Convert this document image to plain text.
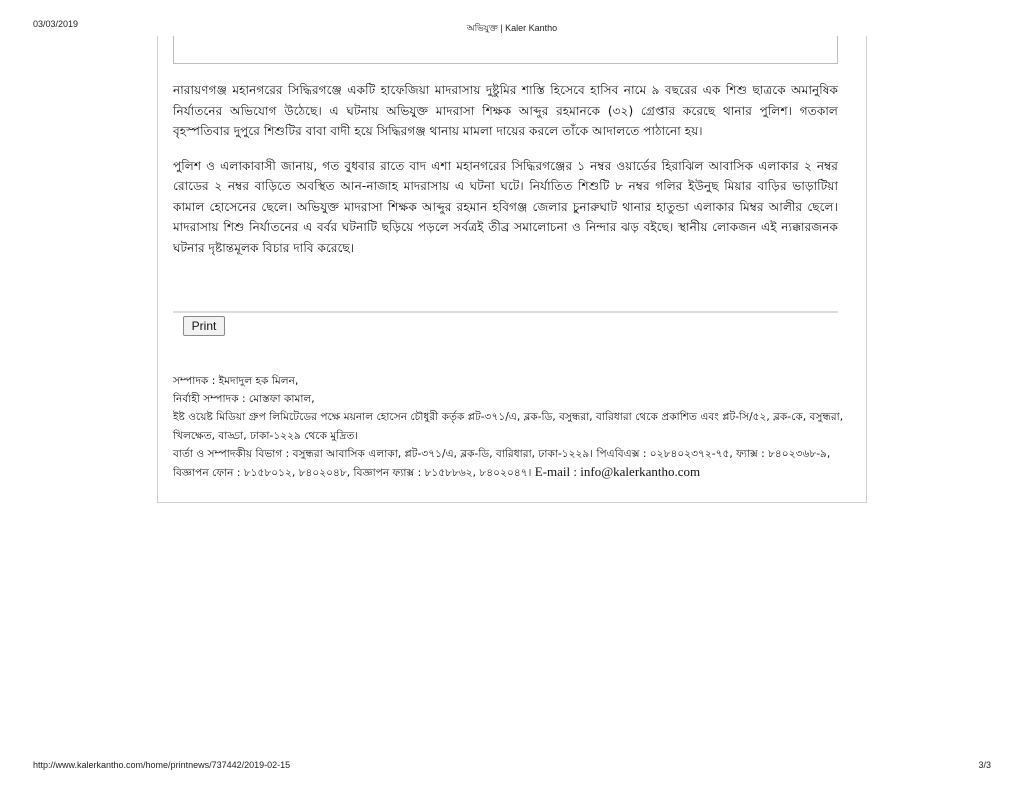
03/03/2019	অভিযুক্ত | Kaler Kantho

নারায়ণগঞ্জ মহানগরের সিদ্ধিরগঞ্জে একটি হাফেজিয়া মাদরাসায় দুষ্টুমির শাস্তি হিসেবে হাসিব নামে ৯ বছরের এক শিশু ছাত্রকে অমানুষিক নির্যাতনের অভিযোগ উঠেছে। এ ঘটনায় অভিযুক্ত মাদরাসা শিক্ষক আব্দুর রহমানকে (৩২) গ্রেপ্তার করেছে থানার পুলিশ। গতকাল বৃহস্পতিবার দুপুরে শিশুটির বাবা বাদী হয়ে সিদ্ধিরগঞ্জ থানায় মামলা দায়ের করলে তাঁকে আদালতে পাঠানো হয়।

পুলিশ ও এলাকাবাসী জানায়, গত বুধবার রাতে বাদ এশা মহানগরের সিদ্ধিরগঞ্জের ১ নম্বর ওয়ার্ডের হিরাঝিল আবাসিক এলাকার ২ নম্বর রোডের ২ নম্বর বাড়িতে অবস্থিত আন-নাজাহ মাদরাসায় এ ঘটনা ঘটে। নির্যাতিত শিশুটি ৮ নম্বর গলির ইউনুছ মিয়ার বাড়ির ভাড়াটিয়া কামাল হোসেনের ছেলে। অভিযুক্ত মাদরাসা শিক্ষক আব্দুর রহমান হবিগঞ্জ জেলার চুনারুঘাট থানার হাতুন্ডা এলাকার মিম্বর আলীর ছেলে। মাদরাসায় শিশু নির্যাতনের এ বর্বর ঘটনাটি ছড়িয়ে পড়লে সর্বত্রই তীব্র সমালোচনা ও নিন্দার ঝড় বইছে। স্থানীয় লোকজন এই ন্যক্কারজনক ঘটনার দৃষ্টান্তমূলক বিচার দাবি করেছে।

Print
সম্পাদক : ইমদাদুল হক মিলন,
নির্বাহী সম্পাদক : মোস্তফা কামাল,
ইষ্ট ওয়েষ্ট মিডিয়া গ্রুপ লিমিটেডের পক্ষে ময়নাল হোসেন চৌধুরী কর্তৃক প্লট-৩৭১/এ, ব্লক-ডি, বসুন্ধরা, বারিধারা থেকে প্রকাশিত এবং প্লট-সি/৫২, ব্লক-কে, বসুন্ধরা, খিলক্ষেত, বাড্ডা, ঢাকা-১২২৯ থেকে মুদ্রিত।
বার্তা ও সম্পাদকীয় বিভাগ : বসুন্ধরা আবাসিক এলাকা, প্লট-৩৭১/এ, ব্লক-ডি, বারিধারা, ঢাকা-১২২৯। পিএবিএক্স : ০২৮৪০২৩৭২-৭৫, ফ্যাক্স : ৮৪০২৩৬৮-৯, বিজ্ঞাপন ফোন : ৮১৫৮০১২, ৮৪০২০৪৮, বিজ্ঞাপন ফ্যাক্স : ৮১৫৮৮৬২, ৮৪০২০৪৭। E-mail : info@kalerkantho.com
http://www.kalerkantho.com/home/printnews/737442/2019-02-15	3/3
